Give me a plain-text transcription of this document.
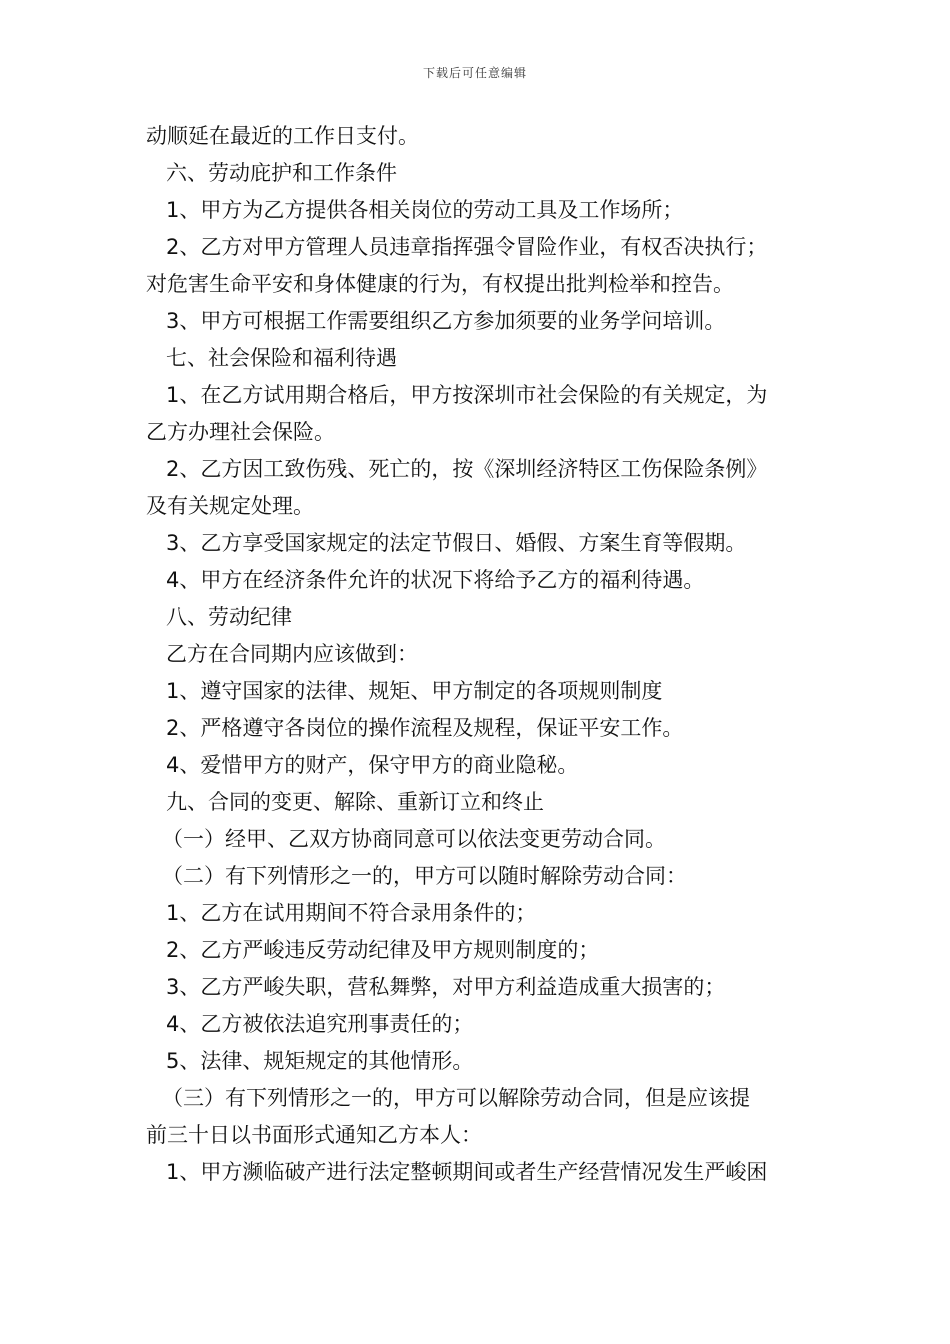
下载后可任意编辑
动顺延在最近的工作日支付。
六、劳动庇护和工作条件
1、甲方为乙方提供各相关岗位的劳动工具及工作场所；
2、乙方对甲方管理人员违章指挥强令冒险作业，有权否决执行；
对危害生命平安和身体健康的行为，有权提出批判检举和控告。
3、甲方可根据工作需要组织乙方参加须要的业务学问培训。
七、社会保险和福利待遇
1、在乙方试用期合格后，甲方按深圳市社会保险的有关规定，为
乙方办理社会保险。
2、乙方因工致伤残、死亡的，按《深圳经济特区工伤保险条例》
及有关规定处理。
3、乙方享受国家规定的法定节假日、婚假、方案生育等假期。
4、甲方在经济条件允许的状况下将给予乙方的福利待遇。
八、劳动纪律
乙方在合同期内应该做到：
1、遵守国家的法律、规矩、甲方制定的各项规则制度
2、严格遵守各岗位的操作流程及规程，保证平安工作。
4、爱惜甲方的财产，保守甲方的商业隐秘。
九、合同的变更、解除、重新订立和终止
（一）经甲、乙双方协商同意可以依法变更劳动合同。
（二）有下列情形之一的，甲方可以随时解除劳动合同：
1、乙方在试用期间不符合录用条件的；
2、乙方严峻违反劳动纪律及甲方规则制度的；
3、乙方严峻失职，营私舞弊，对甲方利益造成重大损害的；
4、乙方被依法追究刑事责任的；
5、法律、规矩规定的其他情形。
（三）有下列情形之一的，甲方可以解除劳动合同，但是应该提
前三十日以书面形式通知乙方本人：
1、甲方濒临破产进行法定整顿期间或者生产经营情况发生严峻困
